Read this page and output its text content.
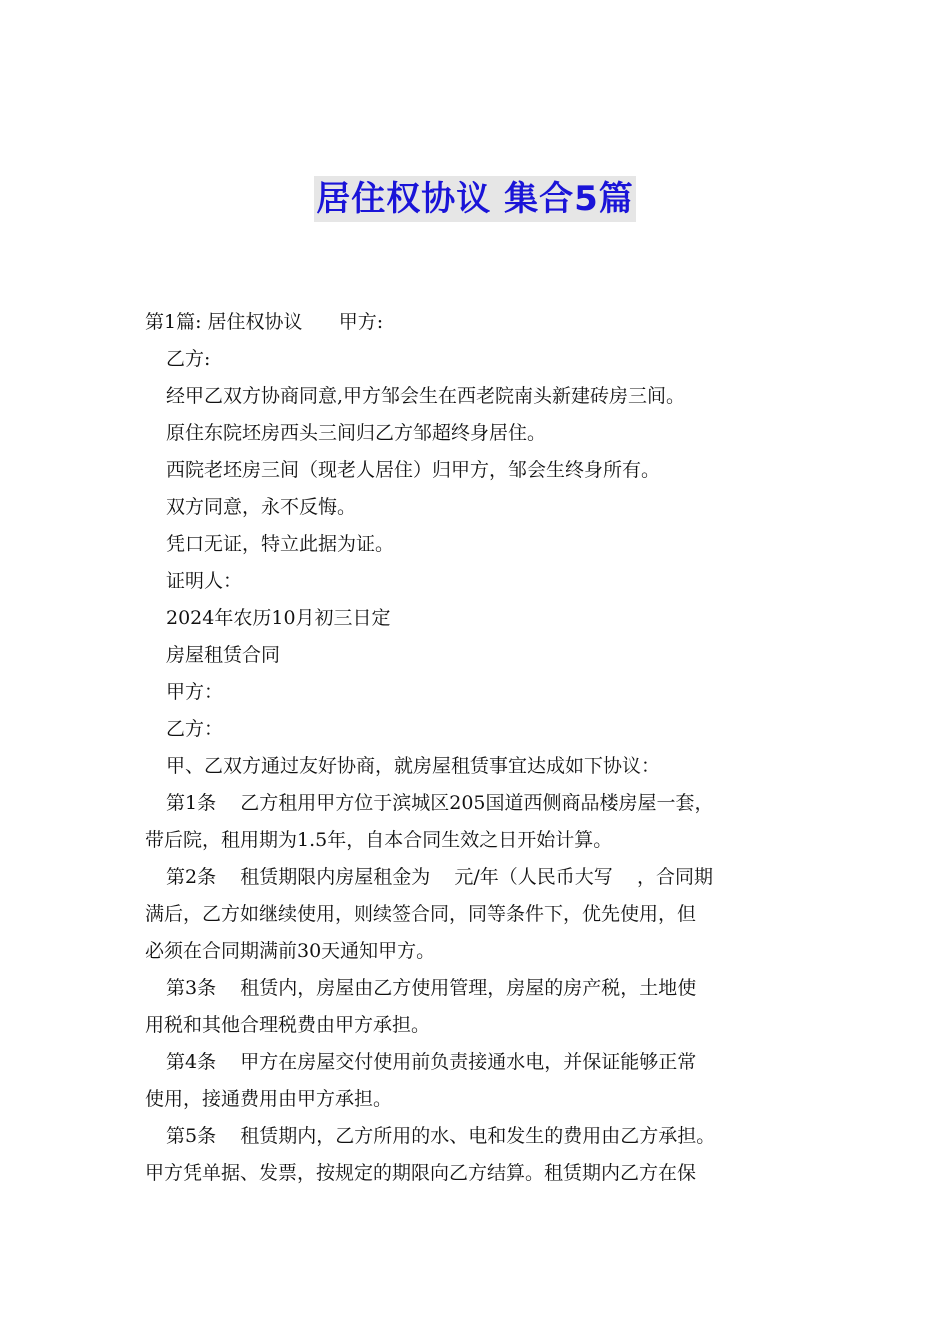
居住权协议 集合5篇
第1篇: 居住权协议      甲方:
乙方:
经甲乙双方协商同意,甲方邹会生在西老院南头新建砖房三间。
原住东院坯房西头三间归乙方邹超终身居住。
西院老坯房三间（现老人居住）归甲方，邹会生终身所有。
双方同意，永不反悔。
凭口无证，特立此据为证。
证明人：
2024年农历10月初三日定
房屋租赁合同
甲方：
乙方：
甲、乙双方通过友好协商，就房屋租赁事宜达成如下协议：
第1条    乙方租用甲方位于滨城区205国道西侧商品楼房屋一套，
带后院，租用期为1.5年，自本合同生效之日开始计算。
第2条    租赁期限内房屋租金为    元/年（人民币大写    ，合同期
满后，乙方如继续使用，则续签合同，同等条件下，优先使用，但
必须在合同期满前30天通知甲方。
第3条    租赁内，房屋由乙方使用管理，房屋的房产税，土地使
用税和其他合理税费由甲方承担。
第4条    甲方在房屋交付使用前负责接通水电，并保证能够正常
使用，接通费用由甲方承担。
第5条    租赁期内，乙方所用的水、电和发生的费用由乙方承担。
甲方凭单据、发票，按规定的期限向乙方结算。租赁期内乙方在保
